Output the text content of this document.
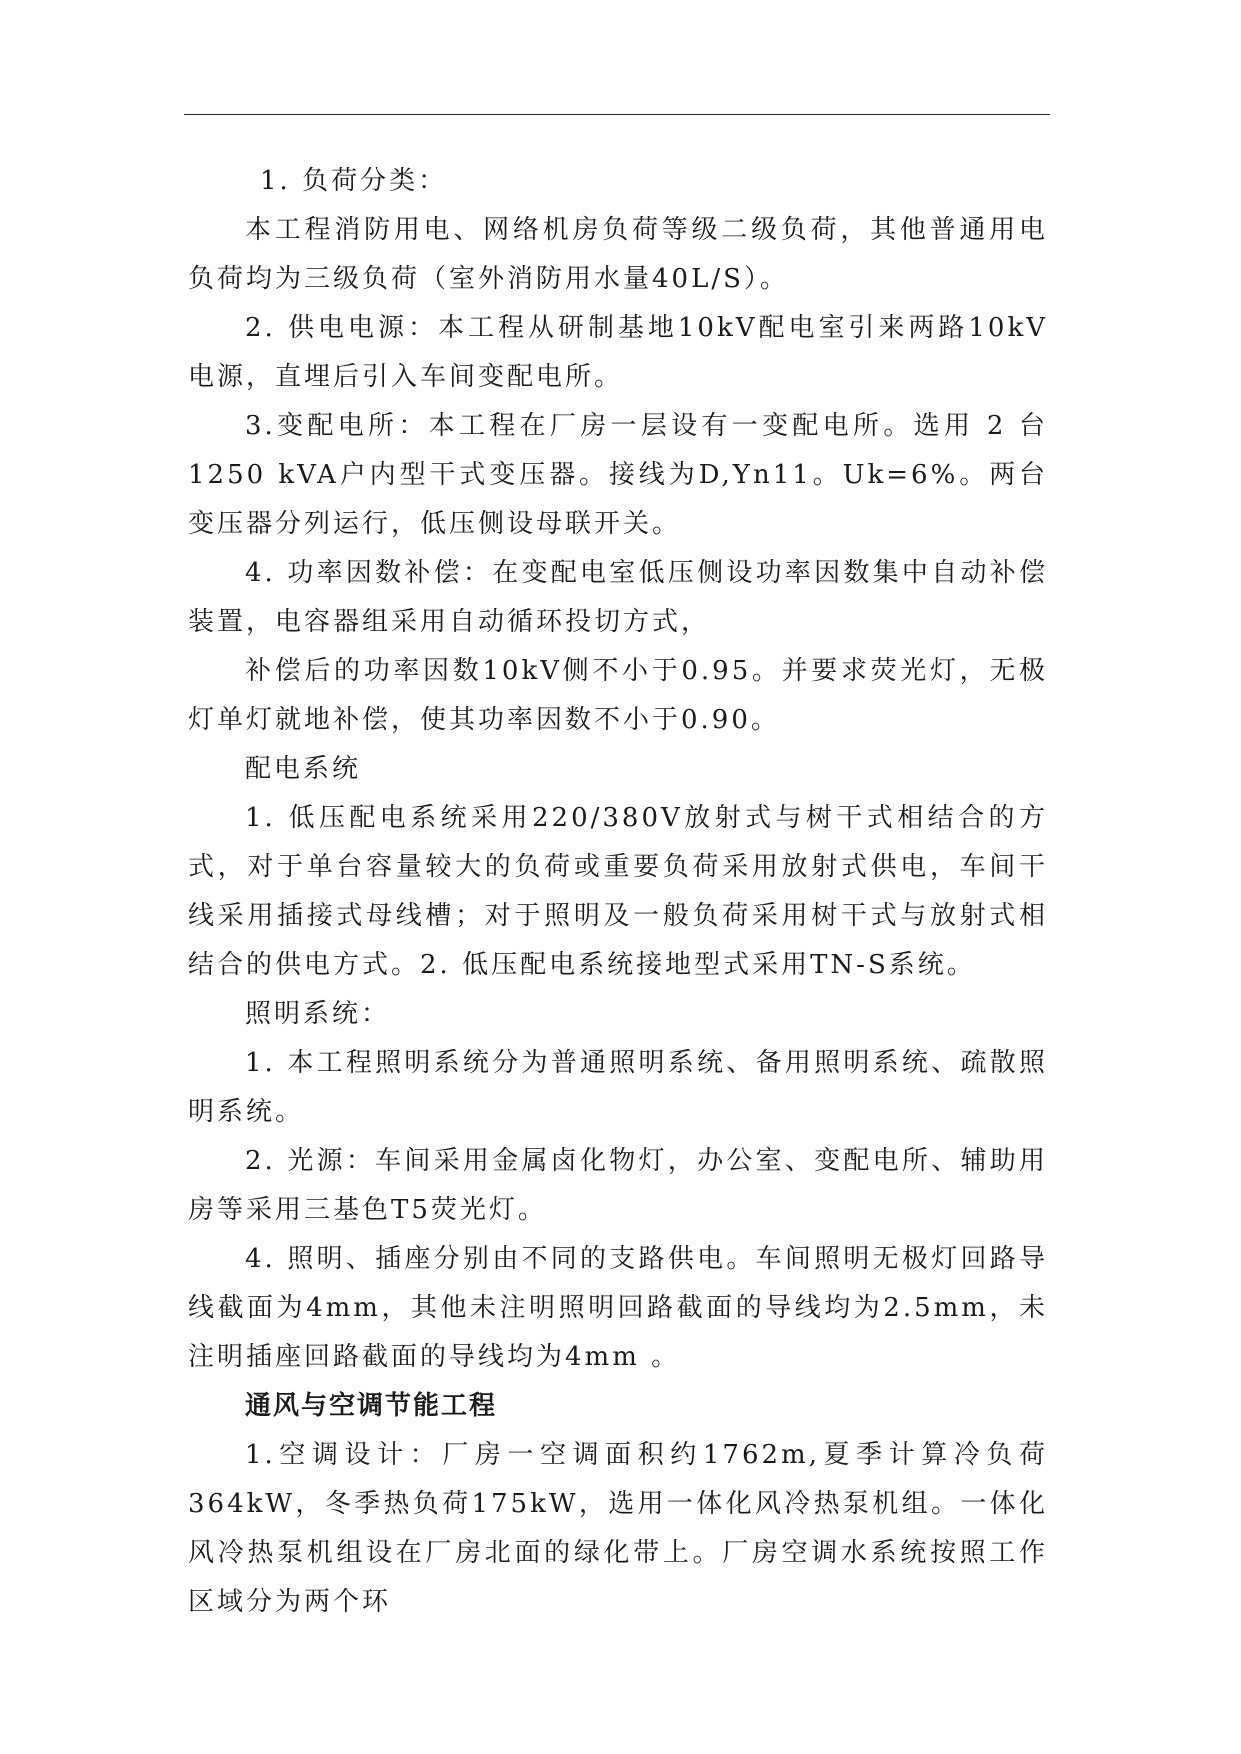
1. 负荷分类：

本工程消防用电、网络机房负荷等级二级负荷，其他普通用电负荷均为三级负荷（室外消防用水量40L/S）。

2. 供电电源：本工程从研制基地10kV配电室引来两路10kV电源，直埋后引入车间变配电所。

3.变配电所：本工程在厂房一层设有一变配电所。选用 2 台 1250 kVA户内型干式变压器。接线为D,Yn11。Uk=6%。两台变压器分列运行，低压侧设母联开关。

4. 功率因数补偿：在变配电室低压侧设功率因数集中自动补偿装置，电容器组采用自动循环投切方式，

补偿后的功率因数10kV侧不小于0.95。并要求荧光灯，无极灯单灯就地补偿，使其功率因数不小于0.90。

配电系统

1. 低压配电系统采用220/380V放射式与树干式相结合的方式，对于单台容量较大的负荷或重要负荷采用放射式供电，车间干线采用插接式母线槽；对于照明及一般负荷采用树干式与放射式相结合的供电方式。2. 低压配电系统接地型式采用TN-S系统。

照明系统：

1. 本工程照明系统分为普通照明系统、备用照明系统、疏散照明系统。

2. 光源：车间采用金属卤化物灯，办公室、变配电所、辅助用房等采用三基色T5荧光灯。

4. 照明、插座分别由不同的支路供电。车间照明无极灯回路导线截面为4mm，其他未注明照明回路截面的导线均为2.5mm，未注明插座回路截面的导线均为4mm 。

通风与空调节能工程

1.空调设计：厂房一空调面积约1762m,夏季计算冷负荷364kW，冬季热负荷175kW，选用一体化风冷热泵机组。一体化风冷热泵机组设在厂房北面的绿化带上。厂房空调水系统按照工作区域分为两个环
